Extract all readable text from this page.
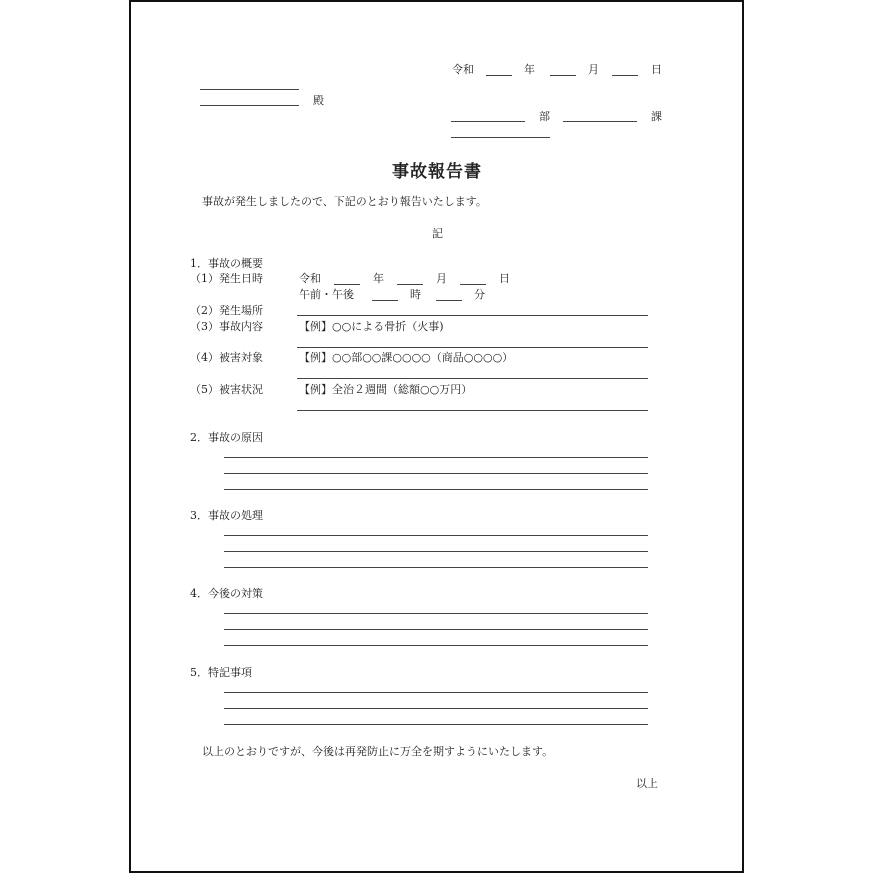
令和	年	月	日
殿
部	課
事故報告書
事故が発生しましたので、下記のとおり報告いたします。
記
1．事故の概要
（1）発生日時	令和	年	月	日
午前・午後	時	分
（2）発生場所
（3）事故内容	【例】○○による骨折（火事)
（4）被害対象	【例】○○部○○課○○○○（商品○○○○）
（5）被害状況	【例】全治２週間（総額○○万円）
2．事故の原因
3．事故の処理
4．今後の対策
5．特記事項
以上のとおりですが、今後は再発防止に万全を期すようにいたします。
以上
